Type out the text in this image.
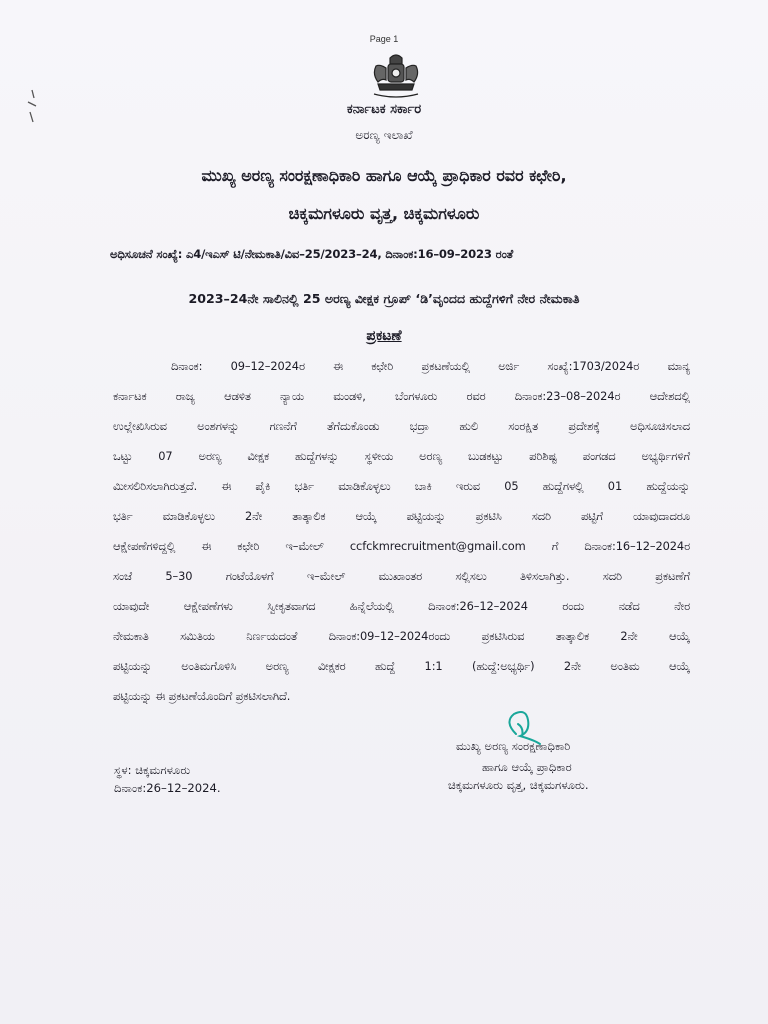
Page 1
ಕರ್ನಾಟಕ ಸರ್ಕಾರ
ಅರಣ್ಯ ಇಲಾಖೆ
ಮುಖ್ಯ ಅರಣ್ಯ ಸಂರಕ್ಷಣಾಧಿಕಾರಿ ಹಾಗೂ ಆಯ್ಕೆ ಪ್ರಾಧಿಕಾರ ರವರ ಕಛೇರಿ,
ಚಿಕ್ಕಮಗಳೂರು ವೃತ್ತ, ಚಿಕ್ಕಮಗಳೂರು
ಅಧಿಸೂಚನೆ ಸಂಖ್ಯೆ: ಎ4/ಇಎಸ್ ಟಿ/ನೇಮಕಾತಿ/ವಿವ–25/2023–24, ದಿನಾಂಕ:16–09–2023 ರಂತೆ
2023–24ನೇ ಸಾಲಿನಲ್ಲಿ 25 ಅರಣ್ಯ ವೀಕ್ಷಕ ಗ್ರೂಪ್ ‘ಡಿ’ವೃಂದದ ಹುದ್ದೆಗಳಿಗೆ ನೇರ ನೇಮಕಾತಿ
ಪ್ರಕಟಣೆ
ದಿನಾಂಕ: 09–12–2024ರ ಈ ಕಛೇರಿ ಪ್ರಕಟಣೆಯಲ್ಲಿ ಅರ್ಜಿ ಸಂಖ್ಯೆ:1703/2024ರ ಮಾನ್ಯ
ಕರ್ನಾಟಕ ರಾಜ್ಯ ಆಡಳಿತ ನ್ಯಾಯ ಮಂಡಳಿ, ಬೆಂಗಳೂರು ರವರ ದಿನಾಂಕ:23–08–2024ರ ಆದೇಶದಲ್ಲಿ
ಉಲ್ಲೇಖಿಸಿರುವ ಅಂಶಗಳನ್ನು ಗಣನೆಗೆ ತೆಗೆದುಕೊಂಡು ಭದ್ರಾ ಹುಲಿ ಸಂರಕ್ಷಿತ ಪ್ರದೇಶಕ್ಕೆ ಅಧಿಸೂಚಿಸಲಾದ
ಒಟ್ಟು 07 ಅರಣ್ಯ ವೀಕ್ಷಕ ಹುದ್ದೆಗಳನ್ನು ಸ್ಥಳೀಯ ಅರಣ್ಯ ಬುಡಕಟ್ಟು ಪರಿಶಿಷ್ಟ ಪಂಗಡದ ಅಭ್ಯರ್ಥಿಗಳಿಗೆ
ಮೀಸಲಿರಿಸಲಾಗಿರುತ್ತದೆ. ಈ ಪೈಕಿ ಭರ್ತಿ ಮಾಡಿಕೊಳ್ಳಲು ಬಾಕಿ ಇರುವ 05 ಹುದ್ದೆಗಳಲ್ಲಿ 01 ಹುದ್ದೆಯನ್ನು
ಭರ್ತಿ ಮಾಡಿಕೊಳ್ಳಲು 2ನೇ ತಾತ್ಕಾಲಿಕ ಆಯ್ಕೆ ಪಟ್ಟಿಯನ್ನು ಪ್ರಕಟಿಸಿ ಸದರಿ ಪಟ್ಟಿಗೆ ಯಾವುದಾದರೂ
ಆಕ್ಷೇಪಣೆಗಳಿದ್ದಲ್ಲಿ ಈ ಕಛೇರಿ ಇ–ಮೇಲ್ ccfckmrecruitment@gmail.com ಗೆ ದಿನಾಂಕ:16–12–2024ರ
ಸಂಜೆ 5–30 ಗಂಟೆಯೊಳಗೆ ಇ–ಮೇಲ್ ಮುಖಾಂತರ ಸಲ್ಲಿಸಲು ತಿಳಿಸಲಾಗಿತ್ತು. ಸದರಿ ಪ್ರಕಟಣೆಗೆ
ಯಾವುದೇ ಆಕ್ಷೇಪಣೆಗಳು ಸ್ವೀಕೃತವಾಗದ ಹಿನ್ನೆಲೆಯಲ್ಲಿ ದಿನಾಂಕ:26–12–2024 ರಂದು ನಡೆದ ನೇರ
ನೇಮಕಾತಿ ಸಮಿತಿಯ ನಿರ್ಣಯದಂತೆ ದಿನಾಂಕ:09–12–2024ರಂದು ಪ್ರಕಟಿಸಿರುವ ತಾತ್ಕಾಲಿಕ 2ನೇ ಆಯ್ಕೆ
ಪಟ್ಟಿಯನ್ನು ಅಂತಿಮಗೊಳಿಸಿ ಅರಣ್ಯ ವೀಕ್ಷಕರ ಹುದ್ದೆ 1:1 (ಹುದ್ದೆ:ಅಭ್ಯರ್ಥಿ) 2ನೇ ಅಂತಿಮ ಆಯ್ಕೆ
ಪಟ್ಟಿಯನ್ನು ಈ ಪ್ರಕಟಣೆಯೊಂದಿಗೆ ಪ್ರಕಟಿಸಲಾಗಿದೆ.
ಮುಖ್ಯ ಅರಣ್ಯ ಸಂರಕ್ಷಣಾಧಿಕಾರಿ
ಹಾಗೂ ಆಯ್ಕೆ ಪ್ರಾಧಿಕಾರ
ಚಿಕ್ಕಮಗಳೂರು ವೃತ್ತ, ಚಿಕ್ಕಮಗಳೂರು.
ಸ್ಥಳ: ಚಿಕ್ಕಮಗಳೂರು
ದಿನಾಂಕ:26–12–2024.
